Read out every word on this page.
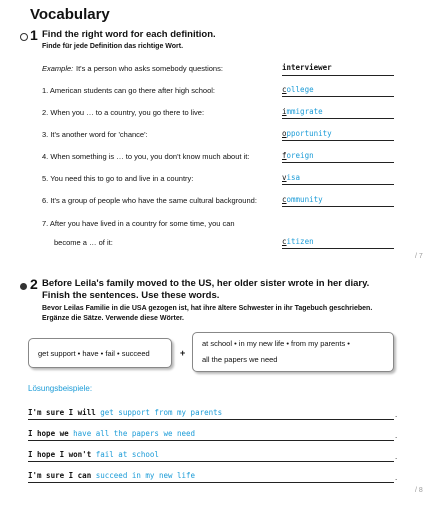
Vocabulary
1 Find the right word for each definition.
Finde für jede Definition das richtige Wort.
Example: It's a person who asks somebody questions:	interviewer
1. American students can go there after high school:	college
2. When you … to a country, you go there to live:	immigrate
3. It's another word for 'chance':	opportunity
4. When something is … to you, you don't know much about it:	foreign
5. You need this to go to and live in a country:	visa
6. It's a group of people who have the same cultural background:	community
7. After you have lived in a country for some time, you can
become a … of it:	citizen
/ 7
2 Before Leila's family moved to the US, her older sister wrote in her diary.
Finish the sentences. Use these words.
Bevor Leilas Familie in die USA gezogen ist, hat ihre ältere Schwester in ihr Tagebuch geschrieben.
Ergänze die Sätze. Verwende diese Wörter.
get support • have • fail • succeed	+
at school • in my new life • from my parents •
all the papers we need
Lösungsbeispiele:
I'm sure I will get support from my parents	.
I hope we have all the papers we need	.
I hope I won't fail at school	.
I'm sure I can succeed in my new life	.
/ 8
